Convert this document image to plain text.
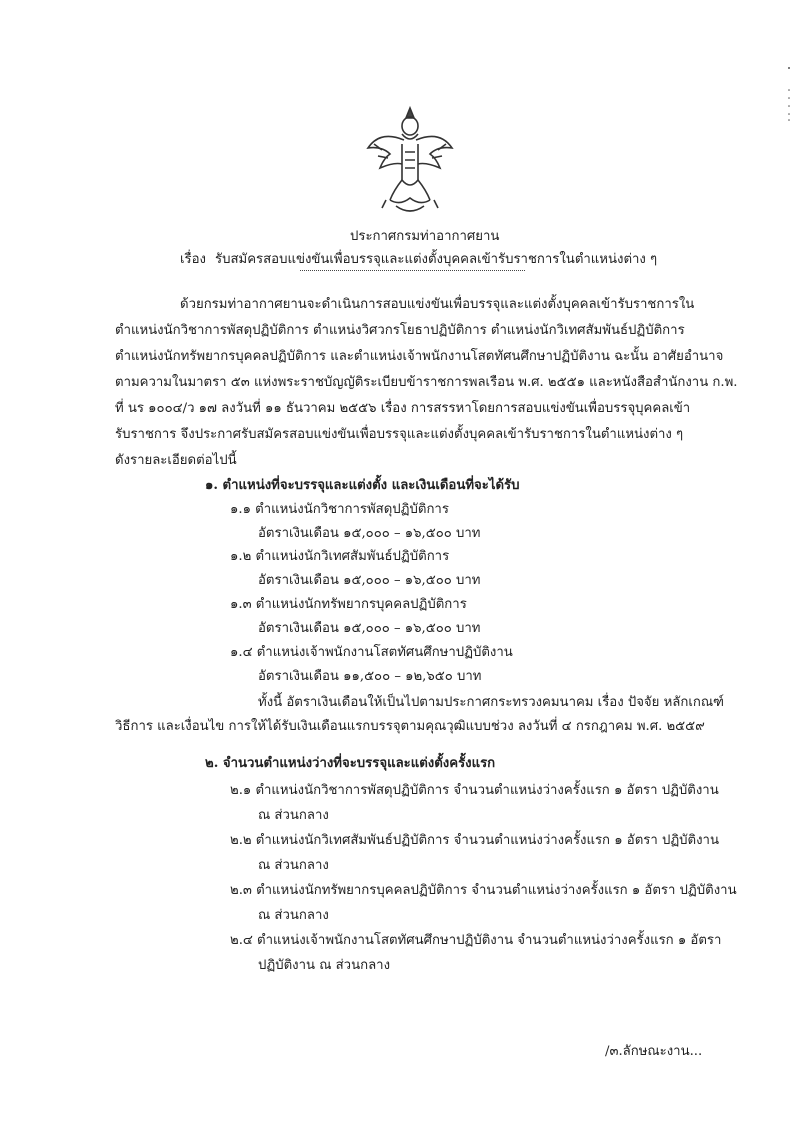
ประกาศกรมท่าอากาศยาน
เรื่อง รับสมัครสอบแข่งขันเพื่อบรรจุและแต่งตั้งบุคคลเข้ารับราชการในตำแหน่งต่าง ๆ
ด้วยกรมท่าอากาศยานจะดำเนินการสอบแข่งขันเพื่อบรรจุและแต่งตั้งบุคคลเข้ารับราชการใน
ตำแหน่งนักวิชาการพัสดุปฏิบัติการ ตำแหน่งวิศวกรโยธาปฏิบัติการ ตำแหน่งนักวิเทศสัมพันธ์ปฏิบัติการ
ตำแหน่งนักทรัพยากรบุคคลปฏิบัติการ และตำแหน่งเจ้าพนักงานโสตทัศนศึกษาปฏิบัติงาน ฉะนั้น อาศัยอำนาจ
ตามความในมาตรา ๕๓ แห่งพระราชบัญญัติระเบียบข้าราชการพลเรือน พ.ศ. ๒๕๕๑ และหนังสือสำนักงาน ก.พ.
ที่ นร ๑๐๐๔/ว ๑๗ ลงวันที่ ๑๑ ธันวาคม ๒๕๕๖ เรื่อง การสรรหาโดยการสอบแข่งขันเพื่อบรรจุบุคคลเข้า
รับราชการ จึงประกาศรับสมัครสอบแข่งขันเพื่อบรรจุและแต่งตั้งบุคคลเข้ารับราชการในตำแหน่งต่าง ๆ
ดังรายละเอียดต่อไปนี้
๑. ตำแหน่งที่จะบรรจุและแต่งตั้ง และเงินเดือนที่จะได้รับ
๑.๑ ตำแหน่งนักวิชาการพัสดุปฏิบัติการ
อัตราเงินเดือน ๑๕,๐๐๐ – ๑๖,๕๐๐ บาท
๑.๒ ตำแหน่งนักวิเทศสัมพันธ์ปฏิบัติการ
อัตราเงินเดือน ๑๕,๐๐๐ – ๑๖,๕๐๐ บาท
๑.๓ ตำแหน่งนักทรัพยากรบุคคลปฏิบัติการ
อัตราเงินเดือน ๑๕,๐๐๐ – ๑๖,๕๐๐ บาท
๑.๔ ตำแหน่งเจ้าพนักงานโสตทัศนศึกษาปฏิบัติงาน
อัตราเงินเดือน ๑๑,๕๐๐ – ๑๒,๖๕๐ บาท
ทั้งนี้ อัตราเงินเดือนให้เป็นไปตามประกาศกระทรวงคมนาคม เรื่อง ปัจจัย หลักเกณฑ์
วิธีการ และเงื่อนไข การให้ได้รับเงินเดือนแรกบรรจุตามคุณวุฒิแบบช่วง ลงวันที่ ๔ กรกฎาคม พ.ศ. ๒๕๕๙
๒. จำนวนตำแหน่งว่างที่จะบรรจุและแต่งตั้งครั้งแรก
๒.๑ ตำแหน่งนักวิชาการพัสดุปฏิบัติการ จำนวนตำแหน่งว่างครั้งแรก ๑ อัตรา ปฏิบัติงาน
ณ ส่วนกลาง
๒.๒ ตำแหน่งนักวิเทศสัมพันธ์ปฏิบัติการ จำนวนตำแหน่งว่างครั้งแรก ๑ อัตรา ปฏิบัติงาน
ณ ส่วนกลาง
๒.๓ ตำแหน่งนักทรัพยากรบุคคลปฏิบัติการ จำนวนตำแหน่งว่างครั้งแรก ๑ อัตรา ปฏิบัติงาน
ณ ส่วนกลาง
๒.๔ ตำแหน่งเจ้าพนักงานโสตทัศนศึกษาปฏิบัติงาน จำนวนตำแหน่งว่างครั้งแรก ๑ อัตรา
ปฏิบัติงาน ณ ส่วนกลาง
/๓.ลักษณะงาน...
